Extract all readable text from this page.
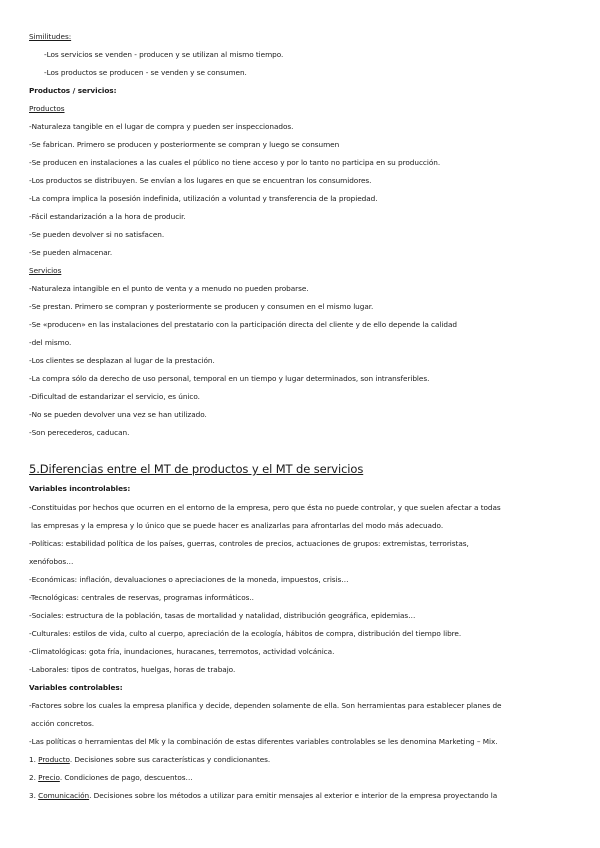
Similitudes:
-Los servicios se venden - producen y se utilizan al mismo tiempo.
-Los productos se producen - se venden y se consumen.
Productos / servicios:
Productos
-Naturaleza tangible en el lugar de compra y pueden ser inspeccionados.
-Se fabrican. Primero se producen y posteriormente se compran y luego se consumen
-Se producen en instalaciones a las cuales el público no tiene acceso y por lo tanto no participa en su producción.
-Los productos se distribuyen. Se envían a los lugares en que se encuentran los consumidores.
-La compra implica la posesión indefinida, utilización a voluntad y transferencia de la propiedad.
-Fácil estandarización a la hora de producir.
-Se pueden devolver si no satisfacen.
-Se pueden almacenar.
Servicios
-Naturaleza intangible en el punto de venta y a menudo no pueden probarse.
-Se prestan. Primero se compran y posteriormente se producen y consumen en el mismo lugar.
-Se «producen» en las instalaciones del prestatario con la participación directa del cliente y de ello depende la calidad
-del mismo.
-Los clientes se desplazan al lugar de la prestación.
-La compra sólo da derecho de uso personal, temporal en un tiempo y lugar determinados, son intransferibles.
-Dificultad de estandarizar el servicio, es único.
-No se pueden devolver una vez se han utilizado.
-Son perecederos, caducan.
5.Diferencias entre el MT de productos y el MT de servicios
Variables incontrolables:
-Constituidas por hechos que ocurren en el entorno de la empresa, pero que ésta no puede controlar, y que suelen afectar a todas
las empresas y la empresa y lo único que se puede hacer es analizarlas para afrontarlas del modo más adecuado.
-Políticas: estabilidad política de los países, guerras, controles de precios, actuaciones de grupos: extremistas, terroristas,
xenófobos…
-Económicas: inflación, devaluaciones o apreciaciones de la moneda, impuestos, crisis…
-Tecnológicas: centrales de reservas, programas informáticos..
-Sociales: estructura de la población, tasas de mortalidad y natalidad, distribución geográfica, epidemias…
-Culturales: estilos de vida, culto al cuerpo, apreciación de la ecología, hábitos de compra, distribución del tiempo libre.
-Climatológicas: gota fría, inundaciones, huracanes, terremotos, actividad volcánica.
-Laborales: tipos de contratos, huelgas, horas de trabajo.
Variables controlables:
-Factores sobre los cuales la empresa planifica y decide, dependen solamente de ella. Son herramientas para establecer planes de
acción concretos.
-Las políticas o herramientas del Mk y la combinación de estas diferentes variables controlables se les denomina Marketing – Mix.
1. Producto. Decisiones sobre sus características y condicionantes.
2. Precio. Condiciones de pago, descuentos…
3. Comunicación. Decisiones sobre los métodos a utilizar para emitir mensajes al exterior e interior de la empresa proyectando la
